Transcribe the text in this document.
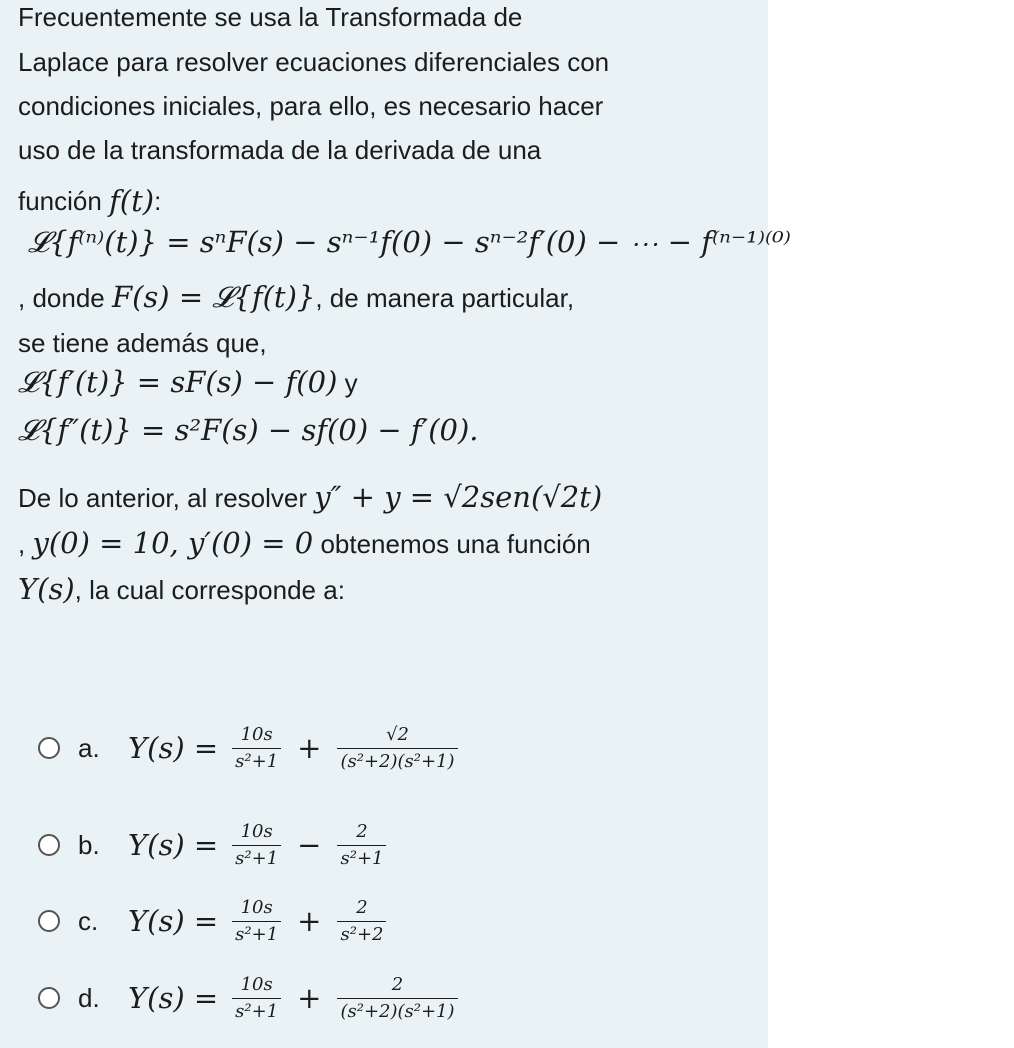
Frecuentemente se usa la Transformada de
Laplace para resolver ecuaciones diferenciales con
condiciones iniciales, para ello, es necesario hacer
uso de la transformada de la derivada de una
función f(t) :
𝓛{f⁽ⁿ⁾(t)} = sⁿF(s) − sⁿ⁻¹f(0) − sⁿ⁻²f′(0) − ⋯ − f⁽ⁿ⁻¹⁾⁽⁰⁾
, donde F(s) = 𝓛{f(t)}, de manera particular,
se tiene además que,
𝓛{f′(t)} = sF(s) − f(0) y
𝓛{f″(t)} = s²F(s) − sf(0) − f′(0).
De lo anterior, al resolver y″ + y = √2sen(√2t)
, y(0) = 10, y′(0) = 0 obtenemos una función
Y(s), la cual corresponde a:
a. $Y(s) = \frac{10s}{\text{s²+1}} + \frac{√2}{\text{(s²+2)(s²+1)}}$
b. $Y(s) = \frac{10s}{\text{s²+1}} - \frac{2}{\text{s²+1}}$
c.	$Y(s) = \frac{10s}{\text{s²+1}} + \frac{2}{\text{s²+2}}$
d. $Y(s) = \frac{10s}{\text{s²+1}} + \frac{2}{\text{(s²+2)(s²+1)}}$
